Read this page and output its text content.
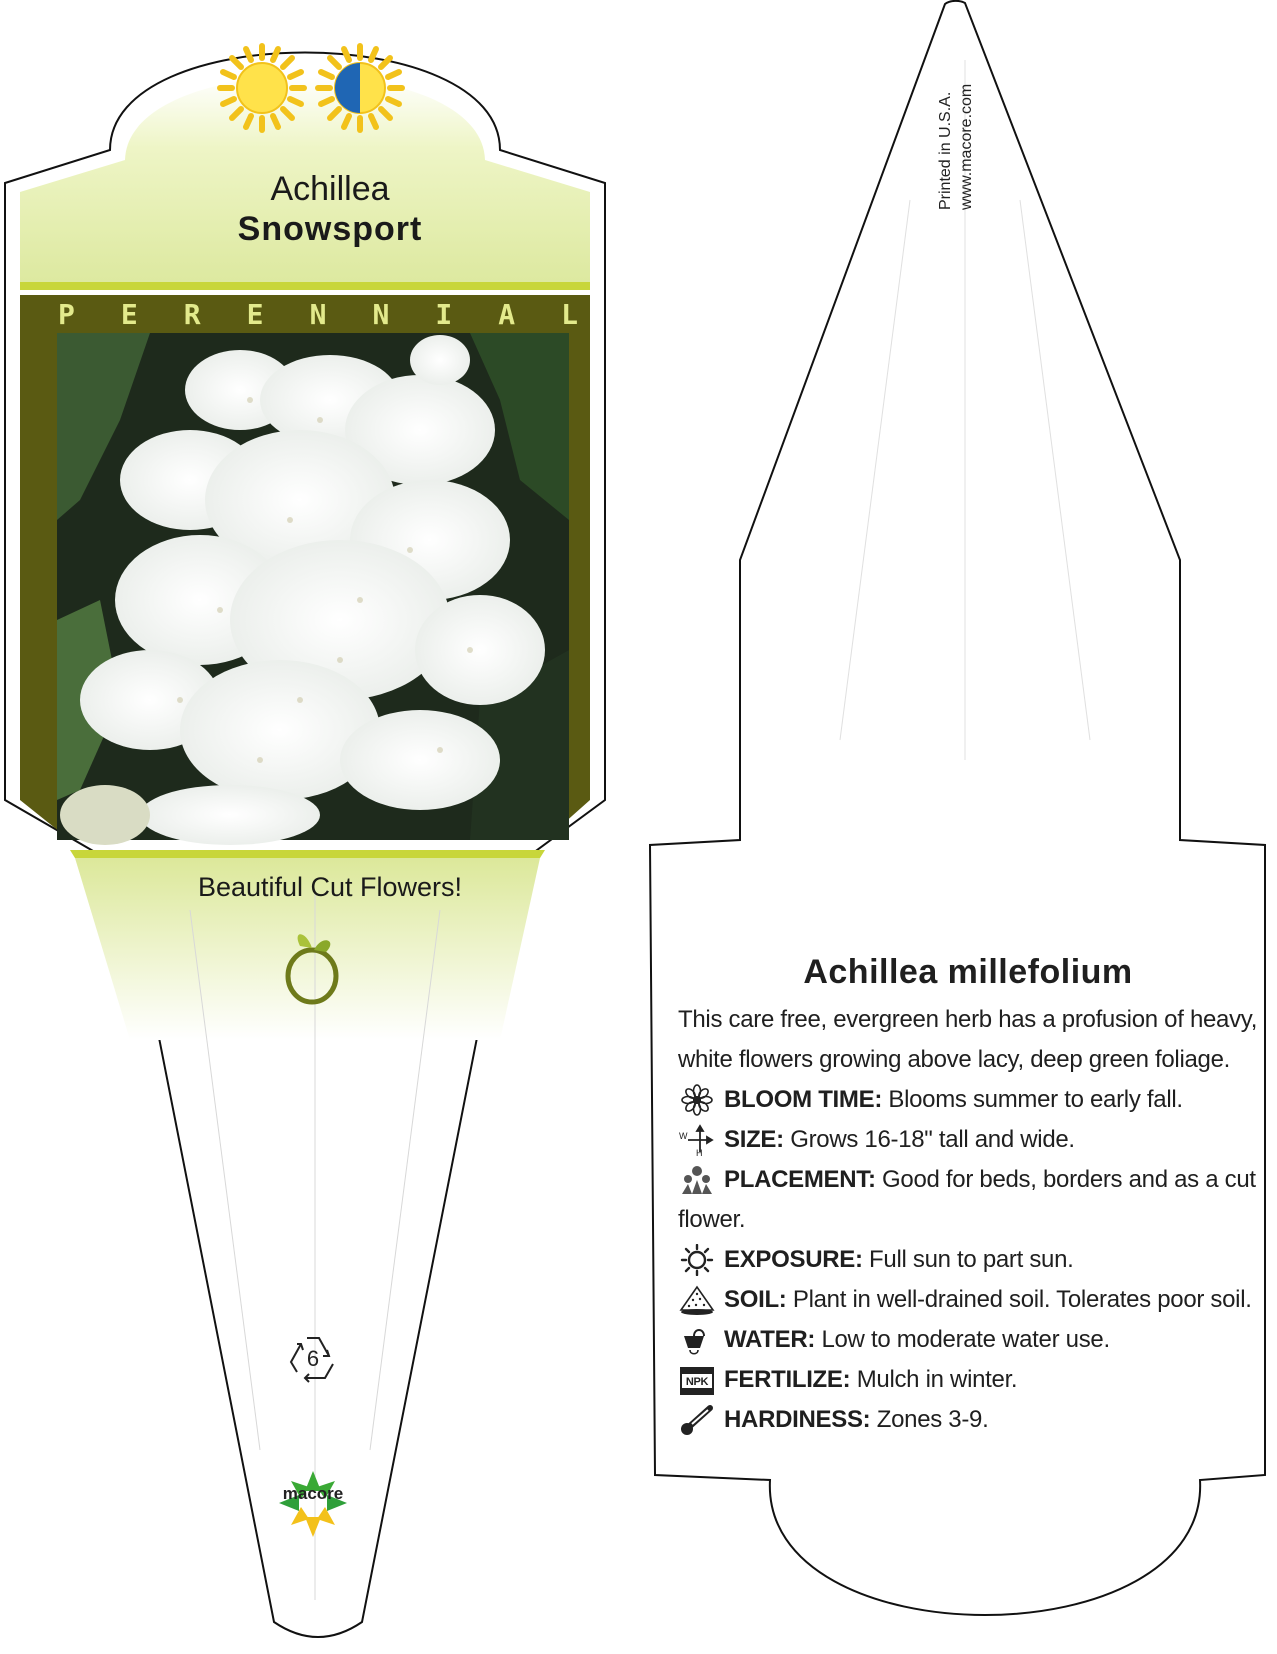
Achillea
Snowsport
P E R E N N I A L
Beautiful Cut Flowers!
6
macore
Printed in U.S.A. www.macore.com
Achillea millefolium
This care free, evergreen herb has a profusion of heavy, white flowers growing above lacy, deep green foliage.
BLOOM TIME: Blooms summer to early fall.
W
H SIZE: Grows 16-18" tall and wide.
PLACEMENT: Good for beds, borders and as a cut
flower.
EXPOSURE: Full sun to part sun.
SOIL: Plant in well-drained soil. Tolerates poor soil.
WATER: Low to moderate water use.
NPK FERTILIZE: Mulch in winter.
HARDINESS: Zones 3-9.
